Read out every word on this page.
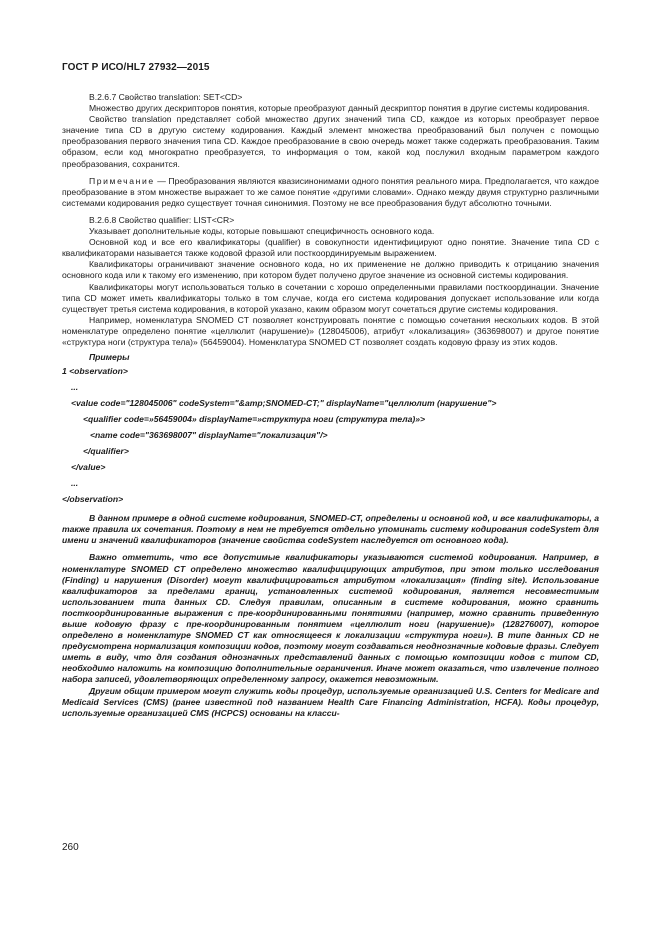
ГОСТ Р ИСО/HL7 27932—2015

B.2.6.7 Свойство translation: SET<CD>

Множество других дескрипторов понятия, которые преобразуют данный дескриптор понятия в другие системы кодирования.

Свойство translation представляет собой множество других значений типа CD, каждое из которых преобразует первое значение типа CD в другую систему кодирования. Каждый элемент множества преобразований был получен с помощью преобразования первого значения типа CD. Каждое преобразование в свою очередь может также содержать преобразования. Таким образом, если код многократно преобразуется, то информация о том, какой код послужил входным параметром каждого преобразования, сохранится.

Примечание — Преобразования являются квазисинонимами одного понятия реального мира. Предполагается, что каждое преобразование в этом множестве выражает то же самое понятие «другими словами». Однако между двумя структурно различными системами кодирования редко существует точная синонимия. Поэтому не все преобразования будут абсолютно точными.

B.2.6.8 Свойство qualifier: LIST<CR>

Указывает дополнительные коды, которые повышают специфичность основного кода.

Основной код и все его квалификаторы (qualifier) в совокупности идентифицируют одно понятие. Значение типа CD с квалификаторами называется также кодовой фразой или посткоординируемым выражением.

Квалификаторы ограничивают значение основного кода, но их применение не должно приводить к отрицанию значения основного кода или к такому его изменению, при котором будет получено другое значение из основной системы кодирования.

Квалификаторы могут использоваться только в сочетании с хорошо определенными правилами посткоординации. Значение типа CD может иметь квалификаторы только в том случае, когда его система кодирования допускает использование или когда существует третья система кодирования, в которой указано, каким образом могут сочетаться другие системы кодирования.

Например, номенклатура SNOMED CT позволяет конструировать понятие с помощью сочетания нескольких кодов. В этой номенклатуре определено понятие «целлюлит (нарушение)» (128045006), атрибут «локализация» (363698007) и другое понятие «структура ноги (структура тела)» (56459004). Номенклатура SNOMED CT позволяет создать кодовую фразу из этих кодов.

Примеры

1 <observation>
...
<value code="128045006" codeSystem="&amp;SNOMED-CT;" displayName="целлюлит (нарушение">
<qualifier code=»56459004» displayName=»структура ноги (структура тела)»>
<name code="363698007" displayName="локализация"/>
</qualifier>
</value>
...
</observation>

В данном примере в одной системе кодирования, SNOMED-CT, определены и основной код, и все квалификаторы, а также правила их сочетания. Поэтому в нем не требуется отдельно упоминать систему кодирования codeSystem для имени и значений квалификаторов (значение свойства codeSystem наследуется от основного кода).

Важно отметить, что все допустимые квалификаторы указываются системой кодирования. Например, в номенклатуре SNOMED CT определено множество квалифицирующих атрибутов, при этом только исследования (Finding) и нарушения (Disorder) могут квалифицироваться атрибутом «локализация» (finding site). Использование квалификаторов за пределами границ, установленных системой кодирования, является несовместимым использованием типа данных CD. Следуя правилам, описанным в системе кодирования, можно сравнить посткоординированные выражения с пре-координированными понятиями (например, можно сравнить приведенную выше кодовую фразу с пре-координированным понятием «целлюлит ноги (нарушение)» (128276007), которое определено в номенклатуре SNOMED CT как относящееся к локализации «структура ноги»). В типе данных CD не предусмотрена нормализация композиции кодов, поэтому могут создаваться неоднозначные кодовые фразы. Следует иметь в виду, что для создания однозначных представлений данных с помощью композиции кодов с типом CD, необходимо наложить на композицию дополнительные ограничения. Иначе может оказаться, что извлечение полного набора записей, удовлетворяющих определенному запросу, окажется невозможным.

Другим общим примером могут служить коды процедур, используемые организацией U.S. Centers for Medicare and Medicaid Services (CMS) (ранее известной под названием Health Care Financing Administration, HCFA). Коды процедур, используемые организацией CMS (HCPCS) основаны на класси-

260
